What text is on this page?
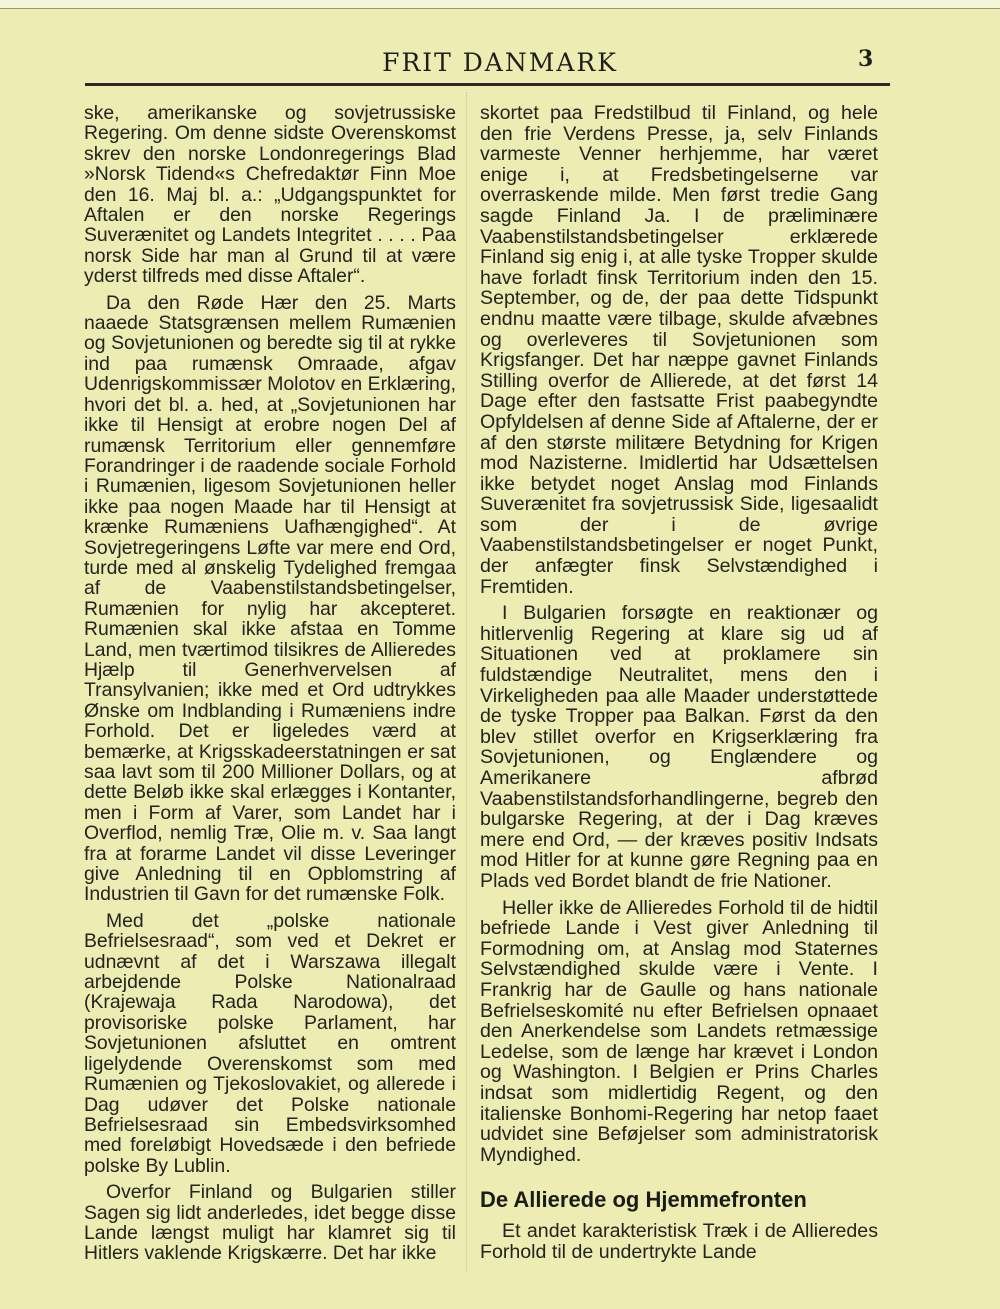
FRIT DANMARK	3

ske, amerikanske og sovjetrussiske Regering. Om denne sidste Overenskomst skrev den norske Londonregerings Blad »Norsk Tidend«s Chefredaktør Finn Moe den 16. Maj bl. a.: „Udgangspunktet for Aftalen er den norske Regerings Suverænitet og Landets Integritet . . . . Paa norsk Side har man al Grund til at være yderst tilfreds med disse Aftaler“.

Da den Røde Hær den 25. Marts naaede Statsgrænsen mellem Rumænien og Sovjetunionen og beredte sig til at rykke ind paa rumænsk Omraade, afgav Udenrigskommissær Molotov en Erklæring, hvori det bl. a. hed, at „Sovjetunionen har ikke til Hensigt at erobre nogen Del af rumænsk Territorium eller gennemføre Forandringer i de raadende sociale Forhold i Rumænien, ligesom Sovjetunionen heller ikke paa nogen Maade har til Hensigt at krænke Rumæniens Uafhængighed“. At Sovjetregeringens Løfte var mere end Ord, turde med al ønskelig Tydelighed fremgaa af de Vaabenstilstandsbetingelser, Rumænien for nylig har akcepteret. Rumænien skal ikke afstaa en Tomme Land, men tværtimod tilsikres de Allieredes Hjælp til Generhvervelsen af Transylvanien; ikke med et Ord udtrykkes Ønske om Indblanding i Rumæniens indre Forhold. Det er ligeledes værd at bemærke, at Krigsskadeerstatningen er sat saa lavt som til 200 Millioner Dollars, og at dette Beløb ikke skal erlægges i Kontanter, men i Form af Varer, som Landet har i Overflod, nemlig Træ, Olie m. v. Saa langt fra at forarme Landet vil disse Leveringer give Anledning til en Opblomstring af Industrien til Gavn for det rumænske Folk.

Med det „polske nationale Befrielsesraad“, som ved et Dekret er udnævnt af det i Warszawa illegalt arbejdende Polske Nationalraad (Krajewaja Rada Narodowa), det provisoriske polske Parlament, har Sovjetunionen afsluttet en omtrent ligelydende Overenskomst som med Rumænien og Tjekoslovakiet, og allerede i Dag udøver det Polske nationale Befrielsesraad sin Embedsvirksomhed med foreløbigt Hovedsæde i den befriede polske By Lublin.

Overfor Finland og Bulgarien stiller Sagen sig lidt anderledes, idet begge disse Lande længst muligt har klamret sig til Hitlers vaklende Krigskærre. Det har ikke

skortet paa Fredstilbud til Finland, og hele den frie Verdens Presse, ja, selv Finlands varmeste Venner herhjemme, har været enige i, at Fredsbetingelserne var overraskende milde. Men først tredie Gang sagde Finland Ja. I de præliminære Vaabenstilstandsbetingelser erklærede Finland sig enig i, at alle tyske Tropper skulde have forladt finsk Territorium inden den 15. September, og de, der paa dette Tidspunkt endnu maatte være tilbage, skulde afvæbnes og overleveres til Sovjetunionen som Krigsfanger. Det har næppe gavnet Finlands Stilling overfor de Allierede, at det først 14 Dage efter den fastsatte Frist paabegyndte Opfyldelsen af denne Side af Aftalerne, der er af den største militære Betydning for Krigen mod Nazisterne. Imidlertid har Udsættelsen ikke betydet noget Anslag mod Finlands Suverænitet fra sovjetrussisk Side, ligesaalidt som der i de øvrige Vaabenstilstandsbetingelser er noget Punkt, der anfægter finsk Selvstændighed i Fremtiden.

I Bulgarien forsøgte en reaktionær og hitlervenlig Regering at klare sig ud af Situationen ved at proklamere sin fuldstændige Neutralitet, mens den i Virkeligheden paa alle Maader understøttede de tyske Tropper paa Balkan. Først da den blev stillet overfor en Krigserklæring fra Sovjetunionen, og Englændere og Amerikanere afbrød Vaabenstilstandsforhandlingerne, begreb den bulgarske Regering, at der i Dag kræves mere end Ord, — der kræves positiv Indsats mod Hitler for at kunne gøre Regning paa en Plads ved Bordet blandt de frie Nationer.

Heller ikke de Allieredes Forhold til de hidtil befriede Lande i Vest giver Anledning til Formodning om, at Anslag mod Staternes Selvstændighed skulde være i Vente. I Frankrig har de Gaulle og hans nationale Befrielseskomité nu efter Befrielsen opnaaet den Anerkendelse som Landets retmæssige Ledelse, som de længe har krævet i London og Washington. I Belgien er Prins Charles indsat som midlertidig Regent, og den italienske Bonhomi-Regering har netop faaet udvidet sine Beføjelser som administratorisk Myndighed.

De Allierede og Hjemmefronten

Et andet karakteristisk Træk i de Allieredes Forhold til de undertrykte Lande
